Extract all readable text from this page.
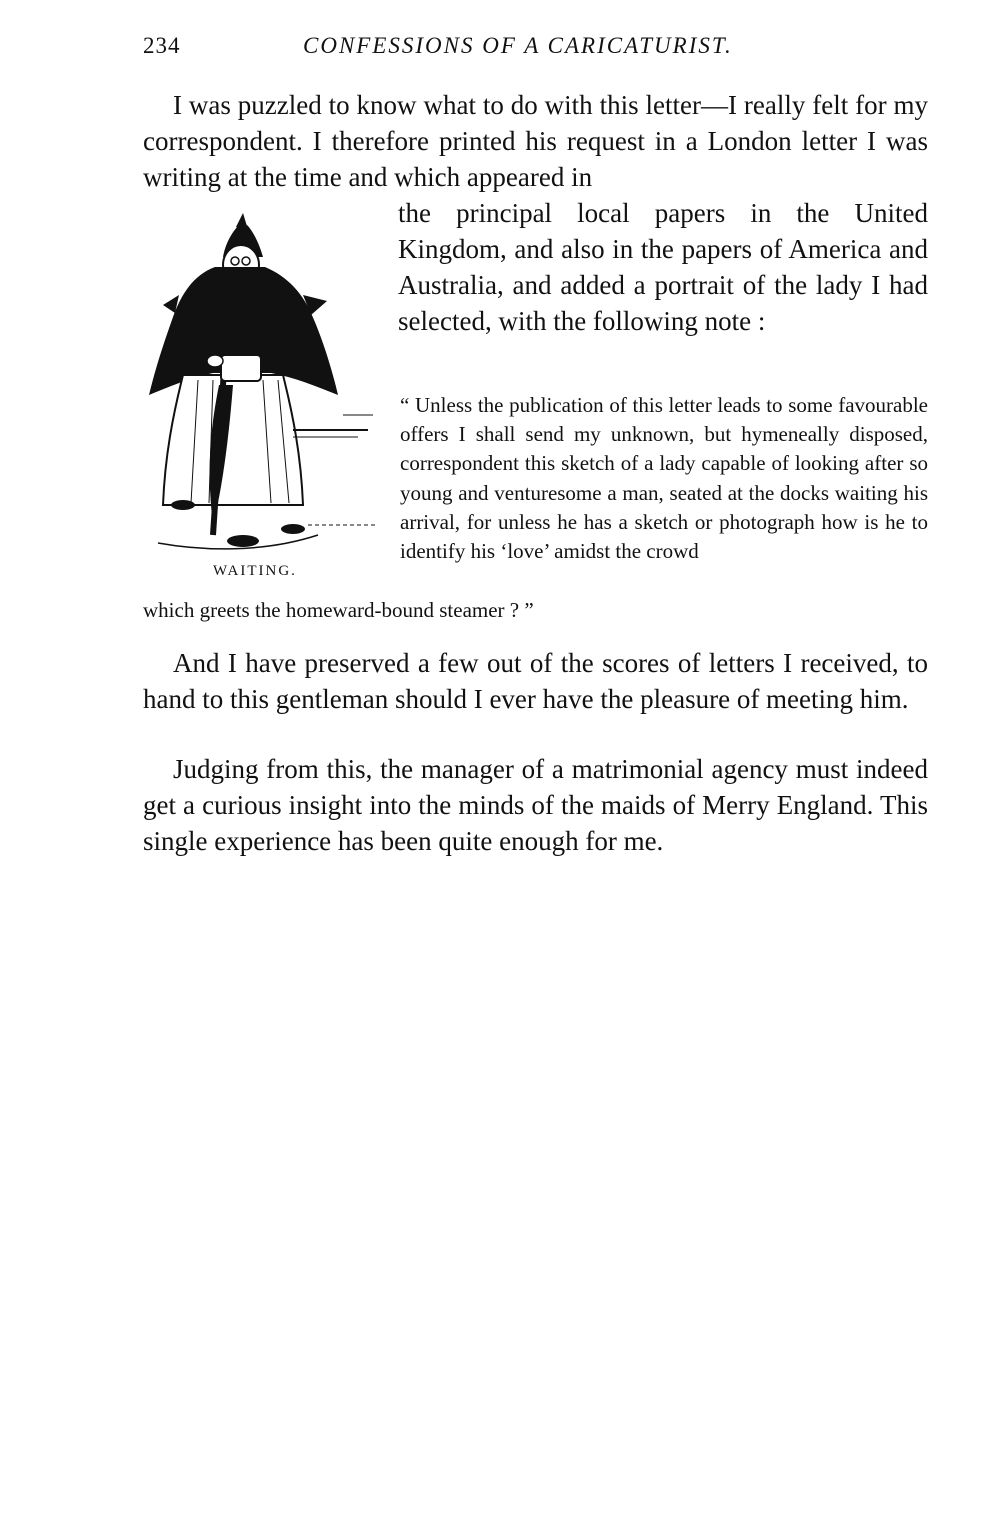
234	CONFESSIONS OF A CARICATURIST.

I was puzzled to know what to do with this letter—I really felt for my correspondent. I therefore printed his request in a London letter I was writing at the time and which appeared in

WAITING.

the principal local papers in the United Kingdom, and also in the papers of America and Australia, and added a portrait of the lady I had selected, with the following note :

“ Unless the publication of this letter leads to some favourable offers I shall send my unknown, but hymeneally disposed, correspondent this sketch of a lady capable of looking after so young and venturesome a man, seated at the docks waiting his arrival, for unless he has a sketch or photograph how is he to identify his ‘love’ amidst the crowd

which greets the homeward-bound steamer ? ”

And I have preserved a few out of the scores of letters I received, to hand to this gentleman should I ever have the pleasure of meeting him.

Judging from this, the manager of a matrimonial agency must indeed get a curious insight into the minds of the maids of Merry England. This single experience has been quite enough for me.
